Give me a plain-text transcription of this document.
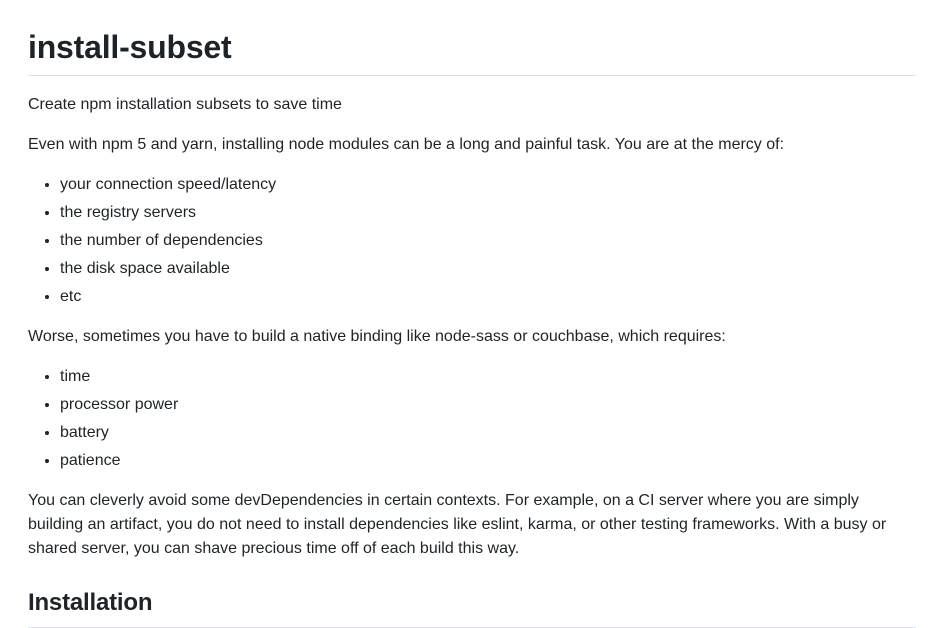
install-subset

Create npm installation subsets to save time

Even with npm 5 and yarn, installing node modules can be a long and painful task. You are at the mercy of:

• your connection speed/latency
• the registry servers
• the number of dependencies
• the disk space available
• etc

Worse, sometimes you have to build a native binding like node-sass or couchbase, which requires:

• time
• processor power
• battery
• patience

You can cleverly avoid some devDependencies in certain contexts. For example, on a CI server where you are simply building an artifact, you do not need to install dependencies like eslint, karma, or other testing frameworks. With a busy or shared server, you can shave precious time off of each build this way.

Installation
